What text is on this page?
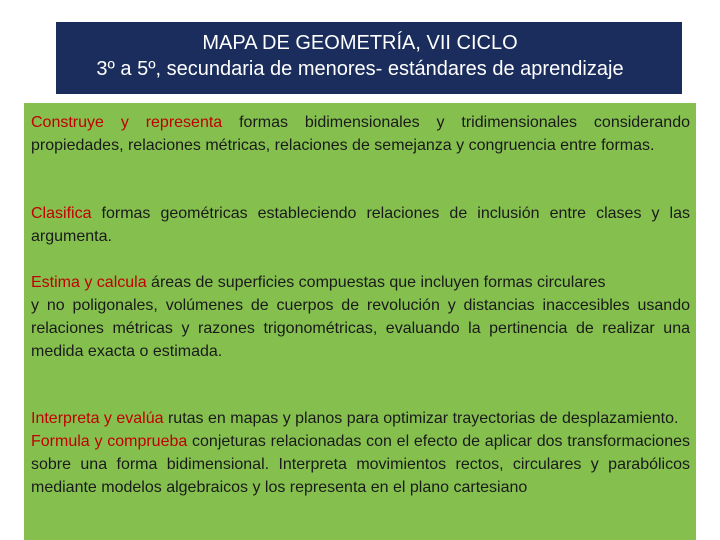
MAPA DE GEOMETRÍA, VII CICLO
3º a 5º, secundaria de menores- estándares de aprendizaje

Construye y representa formas bidimensionales y tridimensionales considerando propiedades, relaciones métricas, relaciones de semejanza y congruencia entre formas.

Clasifica formas geométricas estableciendo relaciones de inclusión entre clases y las argumenta.

Estima y calcula áreas de superficies compuestas que incluyen formas circulares
y no poligonales, volúmenes de cuerpos de revolución y distancias inaccesibles usando relaciones métricas y razones trigonométricas, evaluando la pertinencia de realizar una medida exacta o estimada.

Interpreta y evalúa rutas en mapas y planos para optimizar trayectorias de desplazamiento.
Formula y comprueba conjeturas relacionadas con el efecto de aplicar dos transformaciones sobre una forma bidimensional. Interpreta movimientos rectos, circulares y parabólicos mediante modelos algebraicos y los representa en el plano cartesiano
